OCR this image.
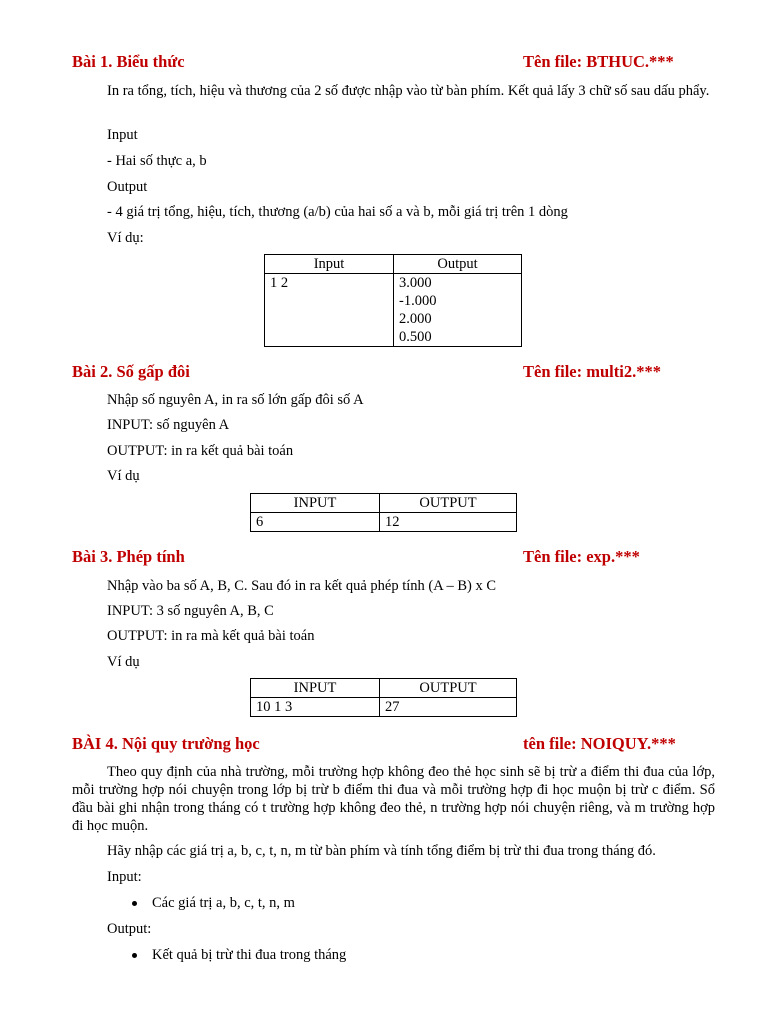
Bài 1. Biểu thức	Tên file: BTHUC.***
In ra tổng, tích, hiệu và thương của 2 số được nhập vào từ bàn phím. Kết quả lấy 3 chữ số sau dấu phẩy.
Input
- Hai số thực a, b
Output
- 4 giá trị tổng, hiệu, tích, thương (a/b) của hai số a và b, mỗi giá trị trên 1 dòng
Ví dụ:
Input	Output
1 2	3.000
-1.000
2.000
0.500
Bài 2. Số gấp đôi	Tên file: multi2.***
Nhập số nguyên A, in ra số lớn gấp đôi số A
INPUT: số nguyên A
OUTPUT: in ra kết quả bài toán
Ví dụ
INPUT	OUTPUT
6	12
Bài 3. Phép tính	Tên file: exp.***
Nhập vào ba số A, B, C. Sau đó in ra kết quả phép tính (A – B) x C
INPUT: 3 số nguyên A, B, C
OUTPUT: in ra mà kết quả bài toán
Ví dụ
INPUT	OUTPUT
10 1 3	27
BÀI 4. Nội quy trường học	tên file: NOIQUY.***
Theo quy định của nhà trường, mỗi trường hợp không đeo thẻ học sinh sẽ bị trừ a điểm thi đua của lớp, mỗi trường hợp nói chuyện trong lớp bị trừ b điểm thi đua và mỗi trường hợp đi học muộn bị trừ c điểm. Sổ đầu bài ghi nhận trong tháng có t trường hợp không đeo thẻ, n trường hợp nói chuyện riêng, và m trường hợp đi học muộn.
Hãy nhập các giá trị a, b, c, t, n, m từ bàn phím và tính tổng điểm bị trừ thi đua trong tháng đó.
Input:
Các giá trị a, b, c, t, n, m
Output:
Kết quả bị trừ thi đua trong tháng
